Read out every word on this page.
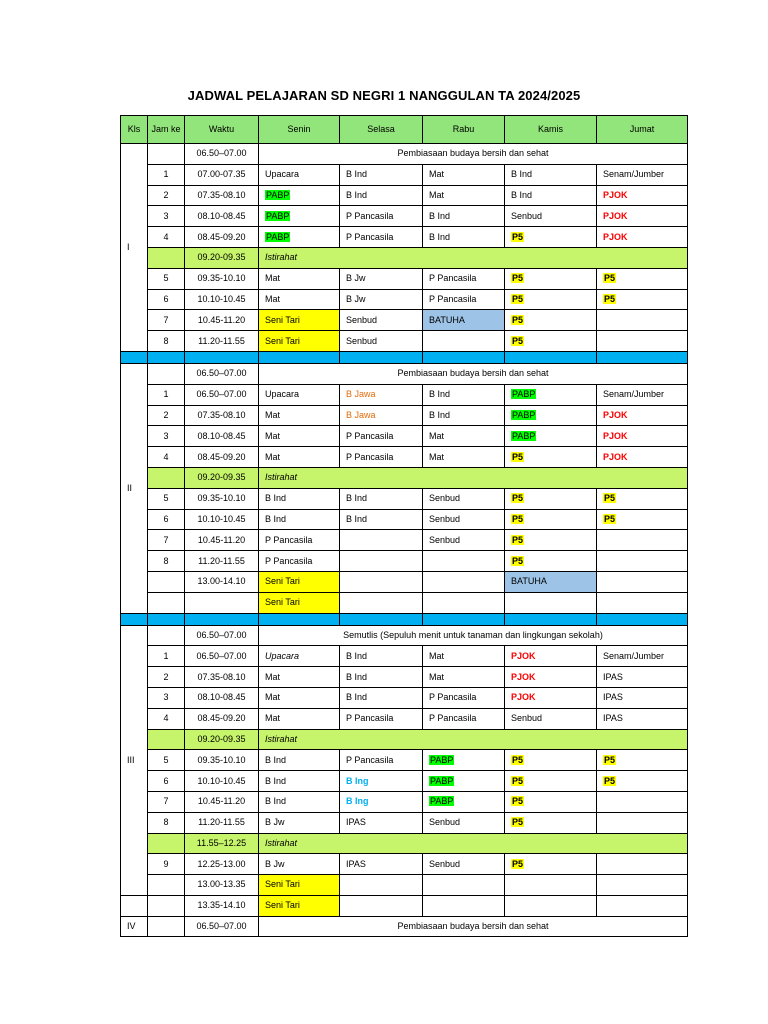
JADWAL PELAJARAN SD NEGRI 1 NANGGULAN TA 2024/2025
Kls	Jam ke	Waktu	Senin	Selasa	Rabu	Kamis	Jumat
I		06.50–07.00	Pembiasaan budaya bersih dan sehat				
	1	07.00-07.35	Upacara	B Ind	Mat	B Ind	Senam/Jumber
	2	07.35-08.10	PABP	B Ind	Mat	B Ind	PJOK
	3	08.10-08.45	PABP	P Pancasila	B Ind	Senbud	PJOK
	4	08.45-09.20	PABP	P Pancasila	B Ind	P5	PJOK
		09.20-09.35	Istirahat				
	5	09.35-10.10	Mat	B Jw	P Pancasila	P5	P5
	6	10.10-10.45	Mat	B Jw	P Pancasila	P5	P5
	7	10.45-11.20	Seni Tari	Senbud	BATUHA	P5	
	8	11.20-11.55	Seni Tari	Senbud		P5	

II		06.50–07.00	Pembiasaan budaya bersih dan sehat				
	1	06.50–07.00	Upacara	B Jawa	B Ind	PABP	Senam/Jumber
	2	07.35-08.10	Mat	B Jawa	B Ind	PABP	PJOK
	3	08.10-08.45	Mat	P Pancasila	Mat	PABP	PJOK
	4	08.45-09.20	Mat	P Pancasila	Mat	P5	PJOK
		09.20-09.35	Istirahat				
	5	09.35-10.10	B Ind	B Ind	Senbud	P5	P5
	6	10.10-10.45	B Ind	B Ind	Senbud	P5	P5
	7	10.45-11.20	P Pancasila		Senbud	P5	
	8	11.20-11.55	P Pancasila			P5	
		13.00-14.10	Seni Tari			BATUHA	
			Seni Tari				

III		06.50–07.00	Semutlis (Sepuluh menit untuk tanaman dan lingkungan sekolah)				
	1	06.50–07.00	Upacara	B Ind	Mat	PJOK	Senam/Jumber
	2	07.35-08.10	Mat	B Ind	Mat	PJOK	IPAS
	3	08.10-08.45	Mat	B Ind	P Pancasila	PJOK	IPAS
	4	08.45-09.20	Mat	P Pancasila	P Pancasila	Senbud	IPAS
		09.20-09.35	Istirahat				
	5	09.35-10.10	B Ind	P Pancasila	PABP	P5	P5
	6	10.10-10.45	B Ind	B Ing	PABP	P5	P5
	7	10.45-11.20	B Ind	B Ing	PABP	P5	
	8	11.20-11.55	B Jw	IPAS	Senbud	P5	
		11.55–12.25	Istirahat				
	9	12.25-13.00	B Jw	IPAS	Senbud	P5	
		13.00-13.35	Seni Tari				
		13.35-14.10	Seni Tari				
IV		06.50–07.00	Pembiasaan budaya bersih dan sehat				
